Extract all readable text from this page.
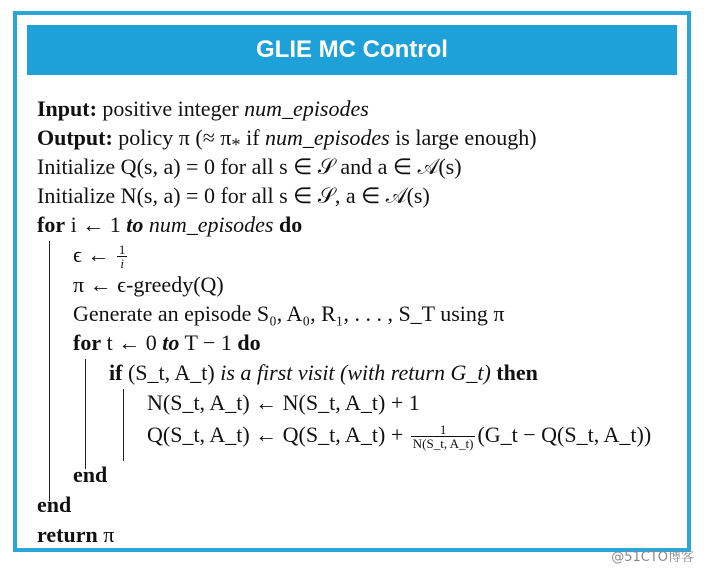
GLIE MC Control
Input: positive integer num_episodes
Output: policy π (≈ $\pi_*$ if num_episodes is large enough)
Initialize Q(s, a) = 0 for all s ∈ 𝒮 and a ∈ 𝒜(s)
Initialize N(s, a) = 0 for all s ∈ 𝒮, a ∈ 𝒜(s)
for i ← 1 to num_episodes do
ϵ ← $\frac{1}{i}$
π ← ϵ-greedy(Q)
Generate an episode S₀, A₀, R₁, . . . , S_T using π
for t ← 0 to T − 1 do
if (S_t, A_t) is a first visit (with return G_t) then
N(S_t, A_t) ← N(S_t, A_t) + 1
Q(S_t, A_t) ← Q(S_t, A_t) + $\frac{1}{N(S\_t, A\_t)}$ (G_t − Q(S_t, A_t))
end
end
return π
@51CTO博客
